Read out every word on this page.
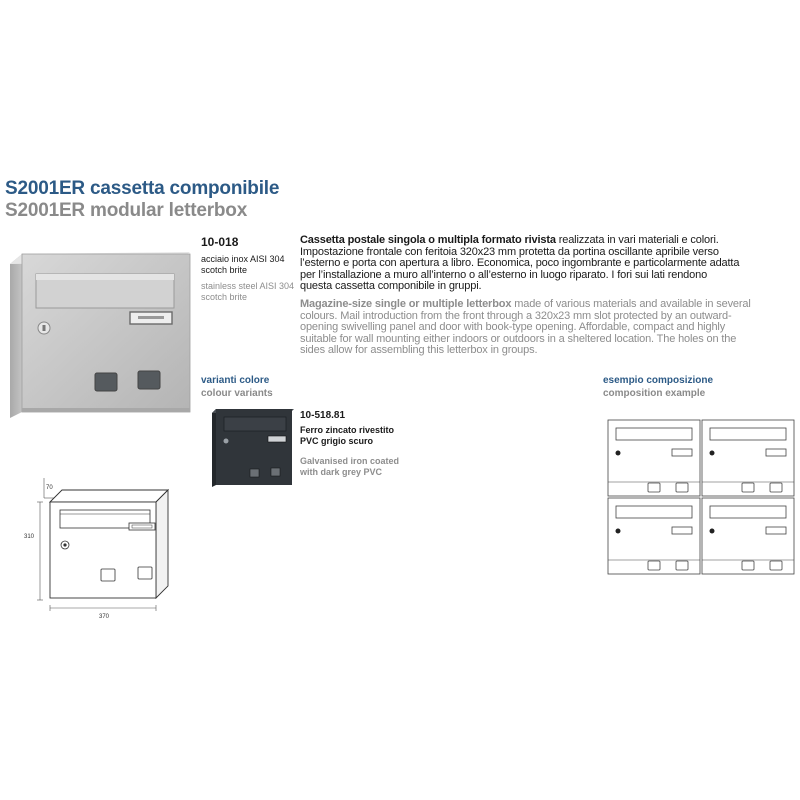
S2001ER cassetta componibile
S2001ER modular letterbox
70
310
370
10-018
acciaio inox AISI 304
scotch brite
stainless steel AISI 304
scotch brite
Cassetta postale singola o multipla formato rivista realizzata in vari materiali e colori.
Impostazione frontale con feritoia 320x23 mm protetta da portina oscillante apribile verso
l’esterno e porta con apertura a libro. Economica, poco ingombrante e particolarmente adatta
per l’installazione a muro all’interno o all’esterno in luogo riparato. I fori sui lati rendono
questa cassetta componibile in gruppi.
Magazine-size single or multiple letterbox made of various materials and available in several
colours. Mail introduction from the front through a 320x23 mm slot protected by an outward-
opening swivelling panel and door with book-type opening. Affordable, compact and highly
suitable for wall mounting either indoors or outdoors in a sheltered location. The holes on the
sides allow for assembling this letterbox in groups.
varianti colore
colour variants
10-518.81
Ferro zincato rivestito
PVC grigio scuro
Galvanised iron coated
with dark grey PVC
esempio composizione
composition example
